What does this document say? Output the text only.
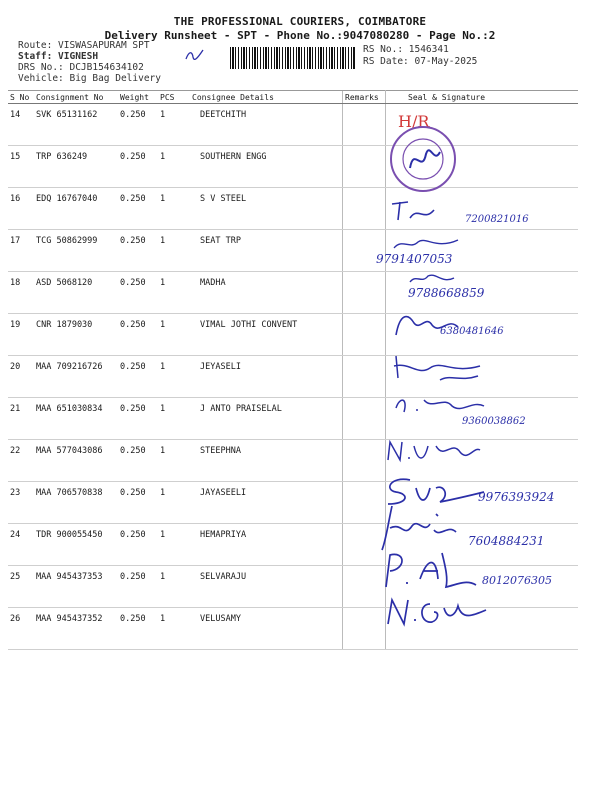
THE PROFESSIONAL COURIERS, COIMBATORE
Delivery Runsheet - SPT - Phone No.:9047080280 - Page No.:2
Route: VISWASAPURAM SPT
Staff: VIGNESH
DRS No.: DCJB154634102
Vehicle: Big Bag Delivery
RS No.: 1546341
RS Date: 07-May-2025
S No	Consignment No	Weight	PCS	Consignee Details	Remarks	Seal & Signature
14	SVK 65131162	0.250	1	DEETCHITH		
15	TRP 636249	0.250	1	SOUTHERN ENGG		
16	EDQ 16767040	0.250	1	S V STEEL		
17	TCG 50862999	0.250	1	SEAT TRP		
18	ASD 5068120	0.250	1	MADHA		
19	CNR 1879030	0.250	1	VIMAL JOTHI CONVENT		
20	MAA 709216726	0.250	1	JEYASELI		
21	MAA 651030834	0.250	1	J ANTO PRAISELAL		
22	MAA 577043086	0.250	1	STEEPHNA		
23	MAA 706570838	0.250	1	JAYASEELI		
24	TDR 900055450	0.250	1	HEMAPRIYA		
25	MAA 945437353	0.250	1	SELVARAJU		
26	MAA 945437352	0.250	1	VELUSAMY		
H/R
7200821016
9791407053
9788668859
6380481646
9360038862
9976393924
7604884231
8012076305
